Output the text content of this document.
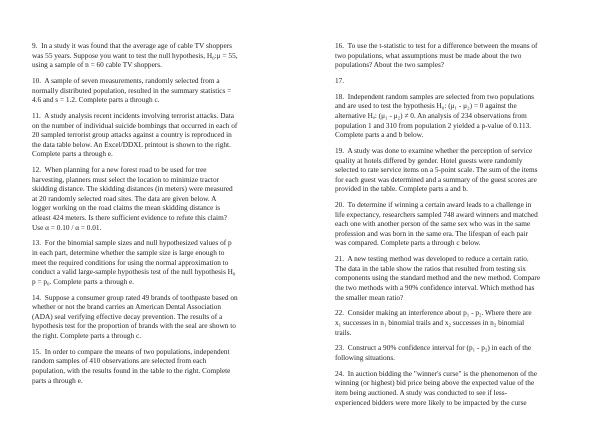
9. In a study it was found that the average age of cable TV shoppers
was 55 years. Suppose you want to test the null hypothesis, H₀:μ = 55,
using a sample of n = 60 cable TV shoppers.
10. A sample of seven measurements, randomly selected from a
normally distributed population, resulted in the summary statistics =
4.6 and s = 1.2. Complete parts a through c.
11. A study analysis recent incidents involving terrorist attacks. Data
on the number of individual suicide bombings that occurred in each of
20 sampled terrorist group attacks against a country is reproduced in
the data table below. An Excel/DDXL printout is shown to the right.
Complete parts a through e.
12. When planning for a new forest road to be used for tree
harvesting, planners must select the location to minimize tractor
skidding distance. The skidding distances (in meters) were measured
at 20 randomly selected road sites. The data are given below. A
logger working on the road claims the mean skidding distance is
atleast 424 meters. Is there sufficient evidence to refute this claim?
Use α = 0.10 / α = 0.01.
13. For the binomial sample sizes and null hypothesized values of p
in each part, determine whether the sample size is large enough to
meet the required conditions for using the normal approximation to
conduct a valid large-sample hypothesis test of the null hypothesis H₀
p = p₀. Complete parts a through e.
14. Suppose a consumer group rated 49 brands of toothpaste based on
whether or not the brand carries an American Dental Association
(ADA) seal verifying effective decay prevention. The results of a
hypothesis test for the proportion of brands with the seal are shown to
the right. Complete parts a through c.
15. In order to compare the means of two populations, independent
random samples of 410 observations are selected from each
population, with the results found in the table to the right. Complete
parts a through e.
16. To use the t-statistic to test for a difference between the means of
two populations, what assumptions must be made about the two
populations? About the two samples?
17.
18. Independent random samples are selected from two populations
and are used to test the hypothesis H₀: (μ₁ - μ₂) = 0 against the
alternative Hₐ: (μ₁ - μ₂) ≠ 0. An analysis of 234 observations from
population 1 and 310 from population 2 yielded a p-value of 0.113.
Complete parts a and b below.
19. A study was done to examine whether the perception of service
quality at hotels differed by gender. Hotel guests were randomly
selected to rate service items on a 5-point scale. The sum of the items
for each guest was determined and a summary of the guest scores are
provided in the table. Complete parts a and b.
20. To determine if winning a certain award leads to a challenge in
life expectancy, researchers sampled 748 award winners and matched
each one with another person of the same sex who was in the same
profession and was born in the same era. The lifespan of each pair
was compared. Complete parts a through c below.
21. A new testing method was developed to reduce a certain ratio.
The data in the table show the ratios that resulted from testing six
components using the standard method and the new method. Compare
the two methods with a 90% confidence interval. Which method has
the smaller mean ratio?
22. Consider making an interference about p₁ - p₂. Where there are
x₁ successes in n₁ binomial trails and x₂ successes in n₂ binomial
trails.
23. Construct a 90% confidence interval for (p₁ - p₂) in each of the
following situations.
24. In auction bidding the "winner's curse" is the phenomenon of the
winning (or highest) bid price being above the expected value of the
item being auctioned. A study was conducted to see if less-
experienced bidders were more likely to be impacted by the curse
